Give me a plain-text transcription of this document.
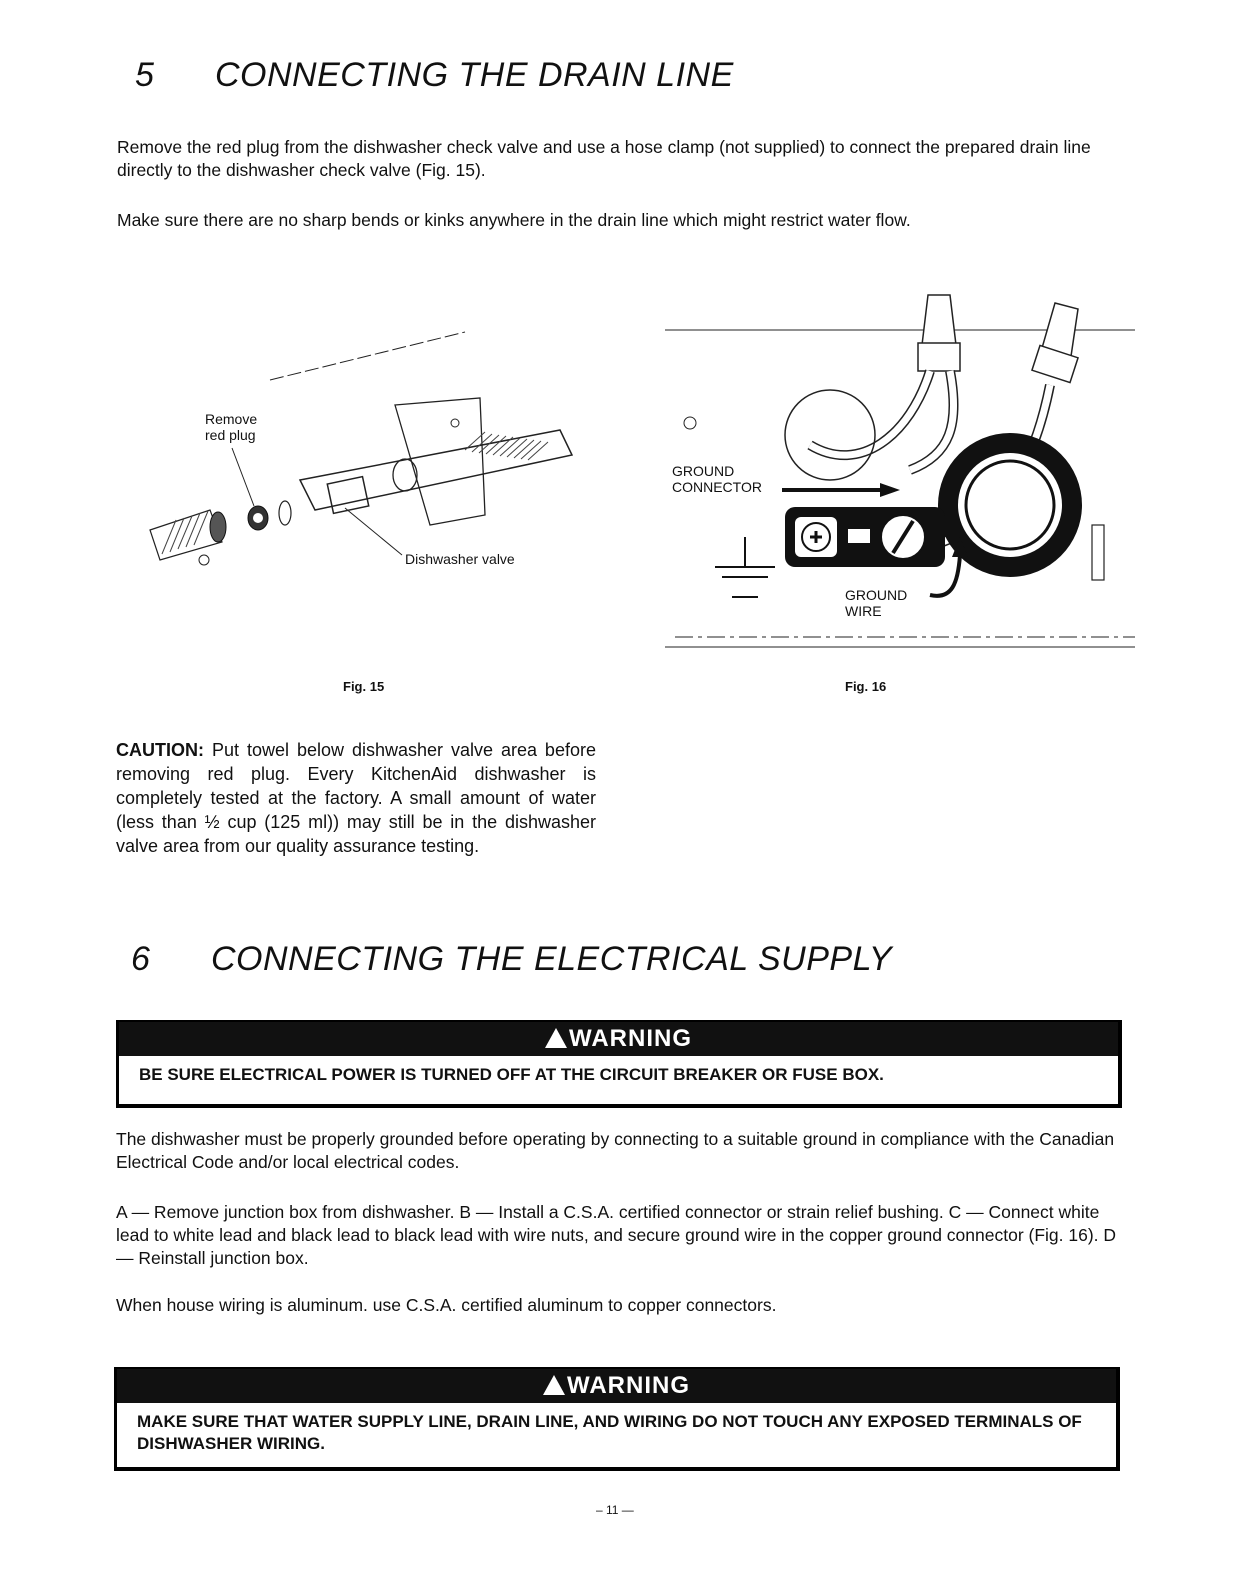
5 CONNECTING THE DRAIN LINE

Remove the red plug from the dishwasher check valve and use a hose clamp (not supplied) to connect the prepared drain line directly to the dishwasher check valve (Fig. 15).

Make sure there are no sharp bends or kinks anywhere in the drain line which might restrict water flow.

Remove
red plug
Dishwasher valve
Fig. 15
GROUND
CONNECTOR
GROUND
WIRE
Fig. 16
CAUTION: Put towel below dishwasher valve area before removing red plug. Every KitchenAid dishwasher is completely tested at the factory. A small amount of water (less than ½ cup (125 ml)) may still be in the dishwasher valve area from our quality assurance testing.
6 CONNECTING THE ELECTRICAL SUPPLY
WARNING
BE SURE ELECTRICAL POWER IS TURNED OFF AT THE CIRCUIT BREAKER OR FUSE BOX.

The dishwasher must be properly grounded before operating by connecting to a suitable ground in compliance with the Canadian Electrical Code and/or local electrical codes.

A — Remove junction box from dishwasher. B — Install a C.S.A. certified connector or strain relief bushing. C — Connect white lead to white lead and black lead to black lead with wire nuts, and secure ground wire in the copper ground connector (Fig. 16). D — Reinstall junction box.

When house wiring is aluminum. use C.S.A. certified aluminum to copper connectors.

WARNING
MAKE SURE THAT WATER SUPPLY LINE, DRAIN LINE, AND WIRING DO NOT TOUCH ANY EXPOSED TERMINALS OF DISHWASHER WIRING.
– 11 —
